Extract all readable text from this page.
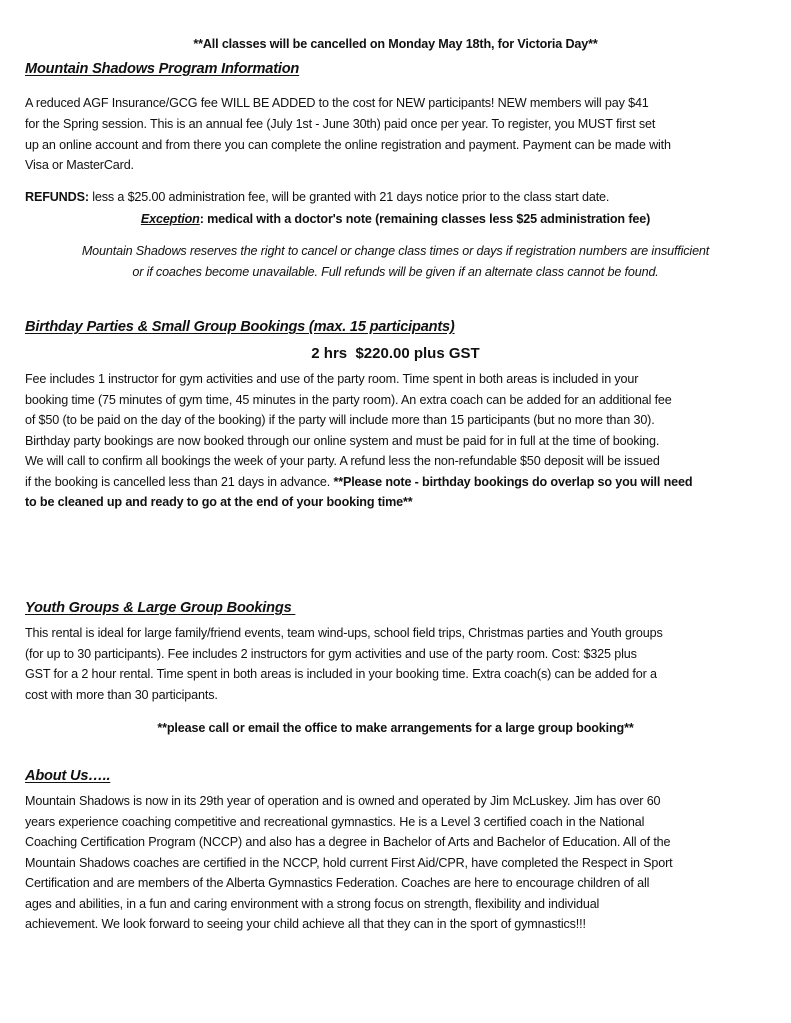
**All classes will be cancelled on Monday May 18th, for Victoria Day**
Mountain Shadows Program Information
A reduced AGF Insurance/GCG fee WILL BE ADDED to the cost for NEW participants! NEW members will pay $41
for the Spring session. This is an annual fee (July 1st - June 30th) paid once per year. To register, you MUST first set
up an online account and from there you can complete the online registration and payment. Payment can be made with
Visa or MasterCard.
REFUNDS: less a $25.00 administration fee, will be granted with 21 days notice prior to the class start date.
Exception: medical with a doctor's note (remaining classes less $25 administration fee)
Mountain Shadows reserves the right to cancel or change class times or days if registration numbers are insufficient
or if coaches become unavailable. Full refunds will be given if an alternate class cannot be found.
Birthday Parties & Small Group Bookings (max. 15 participants)
2 hrs  $220.00 plus GST
Fee includes 1 instructor for gym activities and use of the party room. Time spent in both areas is included in your
booking time (75 minutes of gym time, 45 minutes in the party room). An extra coach can be added for an additional fee
of $50 (to be paid on the day of the booking) if the party will include more than 15 participants (but no more than 30).
Birthday party bookings are now booked through our online system and must be paid for in full at the time of booking.
We will call to confirm all bookings the week of your party. A refund less the non-refundable $50 deposit will be issued
if the booking is cancelled less than 21 days in advance. **Please note - birthday bookings do overlap so you will need
to be cleaned up and ready to go at the end of your booking time**
Youth Groups & Large Group Bookings
This rental is ideal for large family/friend events, team wind-ups, school field trips, Christmas parties and Youth groups
(for up to 30 participants). Fee includes 2 instructors for gym activities and use of the party room. Cost: $325 plus
GST for a 2 hour rental. Time spent in both areas is included in your booking time. Extra coach(s) can be added for a
cost with more than 30 participants.
**please call or email the office to make arrangements for a large group booking**
About Us…..
Mountain Shadows is now in its 29th year of operation and is owned and operated by Jim McLuskey. Jim has over 60
years experience coaching competitive and recreational gymnastics. He is a Level 3 certified coach in the National
Coaching Certification Program (NCCP) and also has a degree in Bachelor of Arts and Bachelor of Education. All of the
Mountain Shadows coaches are certified in the NCCP, hold current First Aid/CPR, have completed the Respect in Sport
Certification and are members of the Alberta Gymnastics Federation. Coaches are here to encourage children of all
ages and abilities, in a fun and caring environment with a strong focus on strength, flexibility and individual
achievement. We look forward to seeing your child achieve all that they can in the sport of gymnastics!!!
